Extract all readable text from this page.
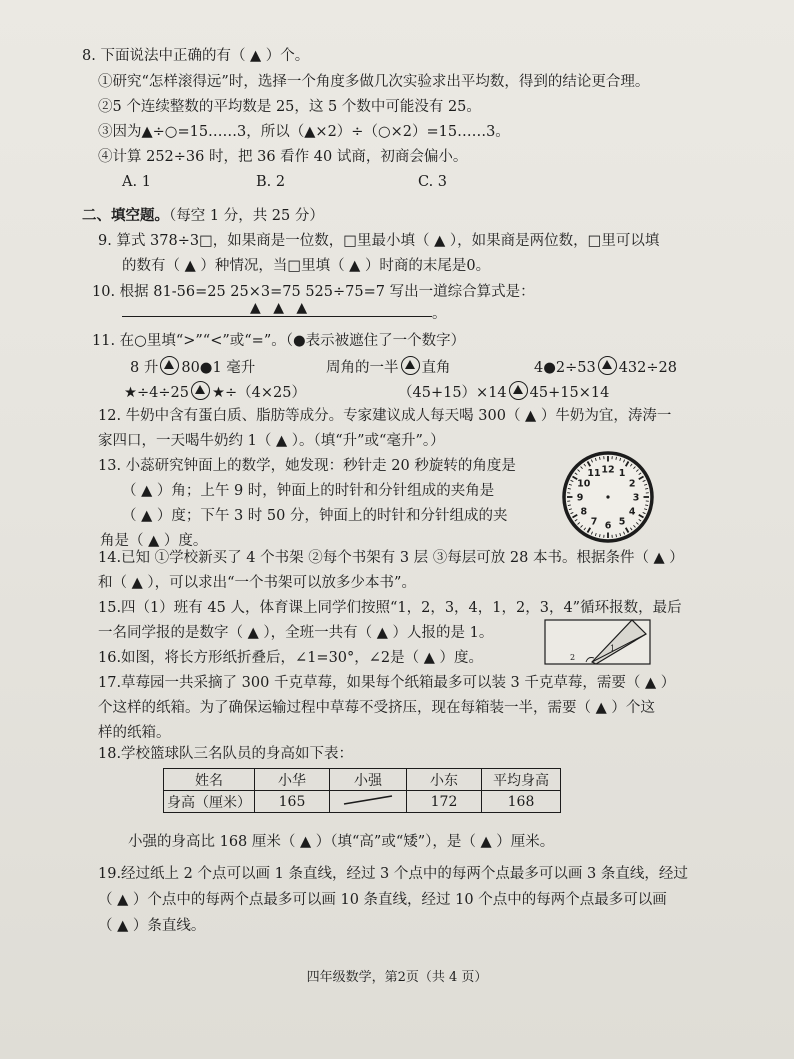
8. 下面说法中正确的有（ ▲ ）个。
①研究“怎样滚得远”时，选择一个角度多做几次实验求出平均数，得到的结论更合理。
②5 个连续整数的平均数是 25，这 5 个数中可能没有 25。
③因为▲÷○=15……3，所以（▲×2）÷（○×2）=15……3。
④计算 252÷36 时，把 36 看作 40 试商，初商会偏小。
A. 1	B. 2	C. 3
二、填空题。（每空 1 分，共 25 分）
9. 算式 378÷3□，如果商是一位数，□里最小填（ ▲ ），如果商是两位数，□里可以填
的数有（ ▲ ）种情况，当□里填（ ▲ ）时商的末尾是0。
10. 根据 81-56=25 25×3=75 525÷75=7 写出一道综合算式是：
▲ ▲ ▲	。
11. 在○里填“>”“<”或“=”。（●表示被遮住了一个数字）
8 升 80●1 毫升	周角的一半 直角	4●2÷53 432÷28
★÷4÷25 ★÷（4×25）	（45+15）×14 45+15×14
12. 牛奶中含有蛋白质、脂肪等成分。专家建议成人每天喝 300（ ▲ ）牛奶为宜，涛涛一
家四口，一天喝牛奶约 1（ ▲ ）。（填“升”或“毫升”。）
13. 小蕊研究钟面上的数学，她发现：秒针走 20 秒旋转的角度是
（ ▲ ）角；上午 9 时，钟面上的时针和分针组成的夹角是
（ ▲ ）度；下午 3 时 50 分，钟面上的时针和分针组成的夹
角是（ ▲ ）度。
12 1
2
3
4
5
6
7
8
9
10
11
14.已知 ①学校新买了 4 个书架 ②每个书架有 3 层 ③每层可放 28 本书。根据条件（ ▲ ）
和（ ▲ ），可以求出“一个书架可以放多少本书”。
15.四（1）班有 45 人，体育课上同学们按照“1，2，3，4，1，2，3，4”循环报数，最后
一名同学报的是数字（ ▲ ），全班一共有（ ▲ ）人报的是 1。
16.如图，将长方形纸折叠后，∠1=30°，∠2是（ ▲ ）度。
1
2
17.草莓园一共采摘了 300 千克草莓，如果每个纸箱最多可以装 3 千克草莓，需要（ ▲ ）
个这样的纸箱。为了确保运输过程中草莓不受挤压，现在每箱装一半，需要（ ▲ ）个这
样的纸箱。
18.学校篮球队三名队员的身高如下表：
姓名	小华	小强	小东	平均身高
身高（厘米）	165		172	168
小强的身高比 168 厘米（ ▲ ）（填“高”或“矮”），是（ ▲ ）厘米。
19.经过纸上 2 个点可以画 1 条直线，经过 3 个点中的每两个点最多可以画 3 条直线，经过
（ ▲ ）个点中的每两个点最多可以画 10 条直线，经过 10 个点中的每两个点最多可以画
（ ▲ ）条直线。
四年级数学，第2页（共 4 页）
